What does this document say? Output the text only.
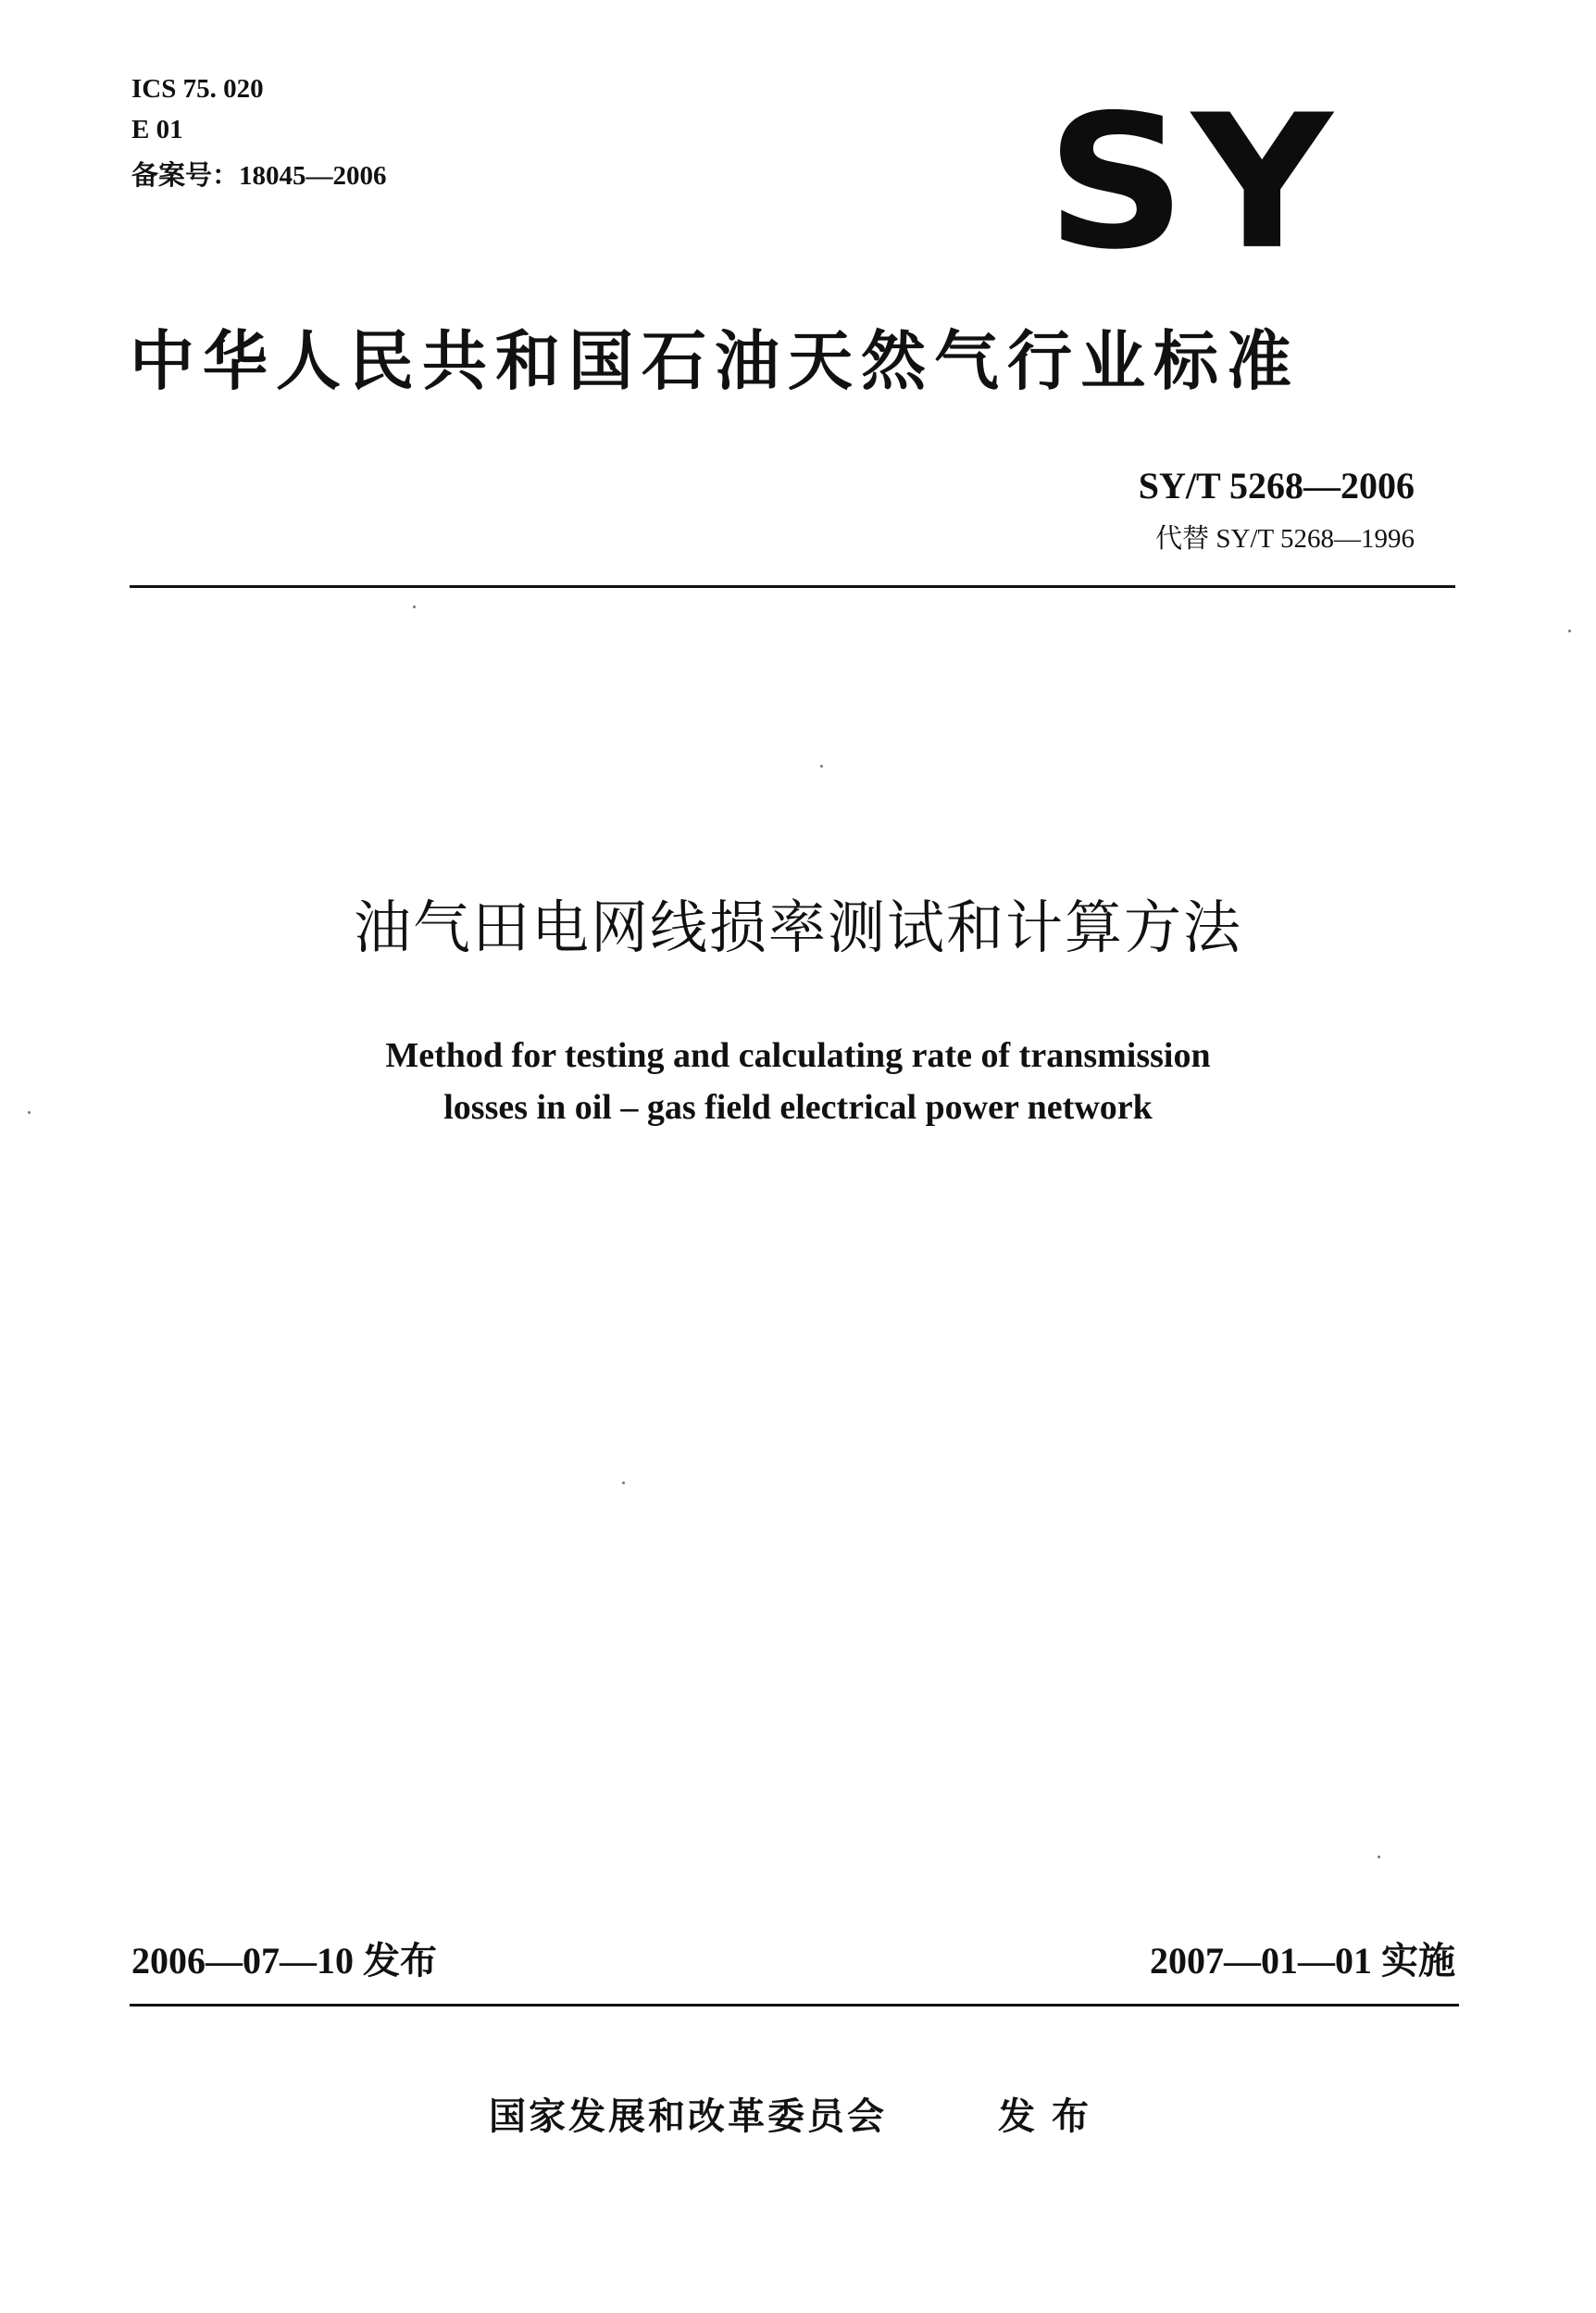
ICS 75. 020
E 01
备案号：18045—2006	SY
中华人民共和国石油天然气行业标准
SY/T 5268—2006
代替 SY/T 5268—1996
油气田电网线损率测试和计算方法
Method for testing and calculating rate of transmission
losses in oil – gas field electrical power network
2006—07—10 发布	2007—01—01 实施
国家发展和改革委员会	发布
